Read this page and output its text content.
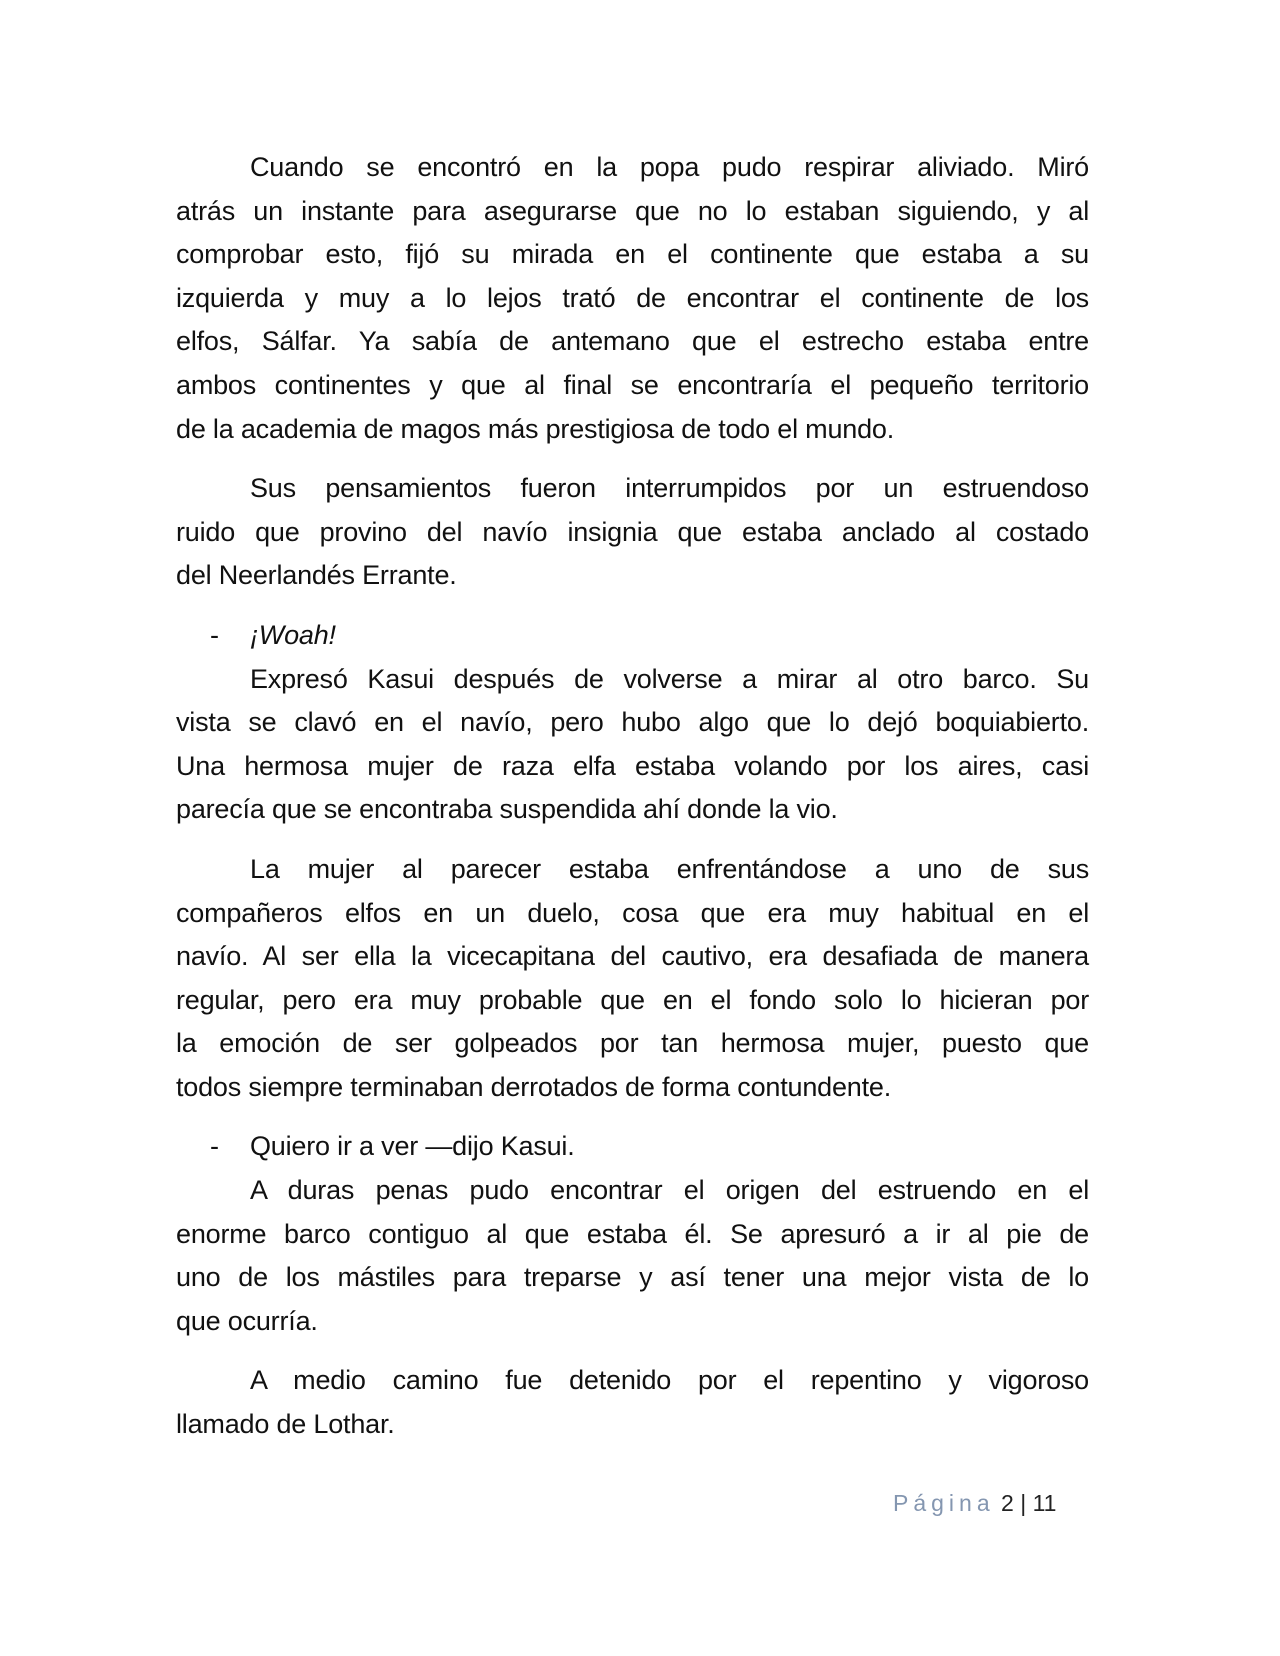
Cuando se encontró en la popa pudo respirar aliviado. Miró
atrás un instante para asegurarse que no lo estaban siguiendo, y al
comprobar esto, fijó su mirada en el continente que estaba a su
izquierda y muy a lo lejos trató de encontrar el continente de los
elfos, Sálfar. Ya sabía de antemano que el estrecho estaba entre
ambos continentes y que al final se encontraría el pequeño territorio
de la academia de magos más prestigiosa de todo el mundo.
Sus pensamientos fueron interrumpidos por un estruendoso
ruido que provino del navío insignia que estaba anclado al costado
del Neerlandés Errante.
-	¡Woah!
Expresó Kasui después de volverse a mirar al otro barco. Su
vista se clavó en el navío, pero hubo algo que lo dejó boquiabierto.
Una hermosa mujer de raza elfa estaba volando por los aires, casi
parecía que se encontraba suspendida ahí donde la vio.
La mujer al parecer estaba enfrentándose a uno de sus
compañeros elfos en un duelo, cosa que era muy habitual en el
navío. Al ser ella la vicecapitana del cautivo, era desafiada de manera
regular, pero era muy probable que en el fondo solo lo hicieran por
la emoción de ser golpeados por tan hermosa mujer, puesto que
todos siempre terminaban derrotados de forma contundente.
-	Quiero ir a ver —dijo Kasui.
A duras penas pudo encontrar el origen del estruendo en el
enorme barco contiguo al que estaba él. Se apresuró a ir al pie de
uno de los mástiles para treparse y así tener una mejor vista de lo
que ocurría.
A medio camino fue detenido por el repentino y vigoroso
llamado de Lothar.
Página 2 | 11
